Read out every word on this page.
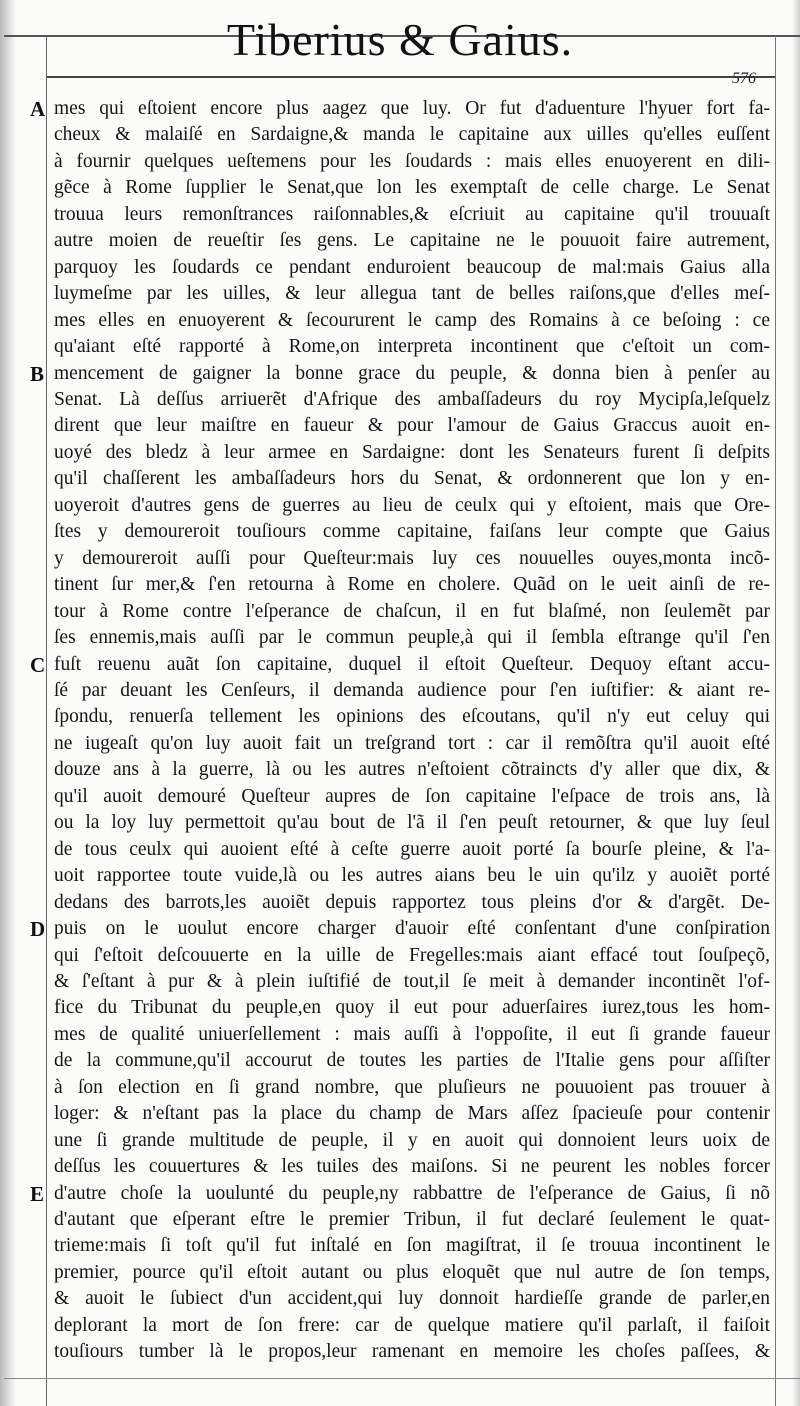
Tiberius & Gaius.
576
A
B
C
D
E
mes qui eſtoient encore plus aagez que luy. Or fut d'aduenture l'hyuer fort fa-
cheux & malaiſé en Sardaigne,& manda le capitaine aux uilles qu'elles euſſent
à fournir quelques ueſtemens pour les ſoudards : mais elles enuoyerent en dili-
gẽce à Rome ſupplier le Senat,que lon les exemptaſt de celle charge. Le Senat
trouua leurs remonſtrances raiſonnables,& eſcriuit au capitaine qu'il trouuaſt
autre moien de reueſtir ſes gens. Le capitaine ne le pouuoit faire autrement,
parquoy les ſoudards ce pendant enduroient beaucoup de mal:mais Gaius alla
luymeſme par les uilles, & leur allegua tant de belles raiſons,que d'elles meſ-
mes elles en enuoyerent & ſecoururent le camp des Romains à ce beſoing : ce
qu'aiant eſté rapporté à Rome,on interpreta incontinent que c'eſtoit un com-
mencement de gaigner la bonne grace du peuple, & donna bien à penſer au
Senat. Là deſſus arriuerẽt d'Afrique des ambaſſadeurs du roy Mycipſa,leſquelz
dirent que leur maiſtre en faueur & pour l'amour de Gaius Graccus auoit en-
uoyé des bledz à leur armee en Sardaigne: dont les Senateurs furent ſi deſpits
qu'il chaſſerent les ambaſſadeurs hors du Senat, & ordonnerent que lon y en-
uoyeroit d'autres gens de guerres au lieu de ceulx qui y eſtoient, mais que Ore-
ſtes y demoureroit touſiours comme capitaine, faiſans leur compte que Gaius
y demoureroit auſſi pour Queſteur:mais luy ces nouuelles ouyes,monta incõ-
tinent ſur mer,& ſ'en retourna à Rome en cholere. Quãd on le ueit ainſi de re-
tour à Rome contre l'eſperance de chaſcun, il en fut blaſmé, non ſeulemẽt par
ſes ennemis,mais auſſi par le commun peuple,à qui il ſembla eſtrange qu'il ſ'en
fuſt reuenu auãt ſon capitaine, duquel il eſtoit Queſteur. Dequoy eſtant accu-
ſé par deuant les Cenſeurs, il demanda audience pour ſ'en iuſtifier: & aiant re-
ſpondu, renuerſa tellement les opinions des eſcoutans, qu'il n'y eut celuy qui
ne iugeaſt qu'on luy auoit fait un treſgrand tort : car il remõſtra qu'il auoit eſté
douze ans à la guerre, là ou les autres n'eſtoient cõtraincts d'y aller que dix, &
qu'il auoit demouré Queſteur aupres de ſon capitaine l'eſpace de trois ans, là
ou la loy luy permettoit qu'au bout de l'ã il ſ'en peuſt retourner, & que luy ſeul
de tous ceulx qui auoient eſté à ceſte guerre auoit porté ſa bourſe pleine, & l'a-
uoit rapportee toute vuide,là ou les autres aians beu le uin qu'ilz y auoiẽt porté
dedans des barrots,les auoiẽt depuis rapportez tous pleins d'or & d'argẽt. De-
puis on le uoulut encore charger d'auoir eſté conſentant d'une conſpiration
qui ſ'eſtoit deſcouuerte en la uille de Fregelles:mais aiant effacé tout ſouſpeçõ,
& ſ'eſtant à pur & à plein iuſtifié de tout,il ſe meit à demander incontinẽt l'of-
fice du Tribunat du peuple,en quoy il eut pour aduerſaires iurez,tous les hom-
mes de qualité uniuerſellement : mais auſſi à l'oppoſite, il eut ſi grande faueur
de la commune,qu'il accourut de toutes les parties de l'Italie gens pour aſſiſter
à ſon election en ſi grand nombre, que pluſieurs ne pouuoient pas trouuer à
loger: & n'eſtant pas la place du champ de Mars aſſez ſpacieuſe pour contenir
une ſi grande multitude de peuple, il y en auoit qui donnoient leurs uoix de
deſſus les couuertures & les tuiles des maiſons. Si ne peurent les nobles forcer
d'autre choſe la uoulunté du peuple,ny rabbattre de l'eſperance de Gaius, ſi nõ
d'autant que eſperant eſtre le premier Tribun, il fut declaré ſeulement le quat-
trieme:mais ſi toſt qu'il fut inſtalé en ſon magiſtrat, il ſe trouua incontinent le
premier, pource qu'il eſtoit autant ou plus eloquẽt que nul autre de ſon temps,
& auoit le ſubiect d'un accident,qui luy donnoit hardieſſe grande de parler,en
deplorant la mort de ſon frere: car de quelque matiere qu'il parlaſt, il faiſoit
touſiours tumber là le propos,leur ramenant en memoire les choſes paſſees, &
